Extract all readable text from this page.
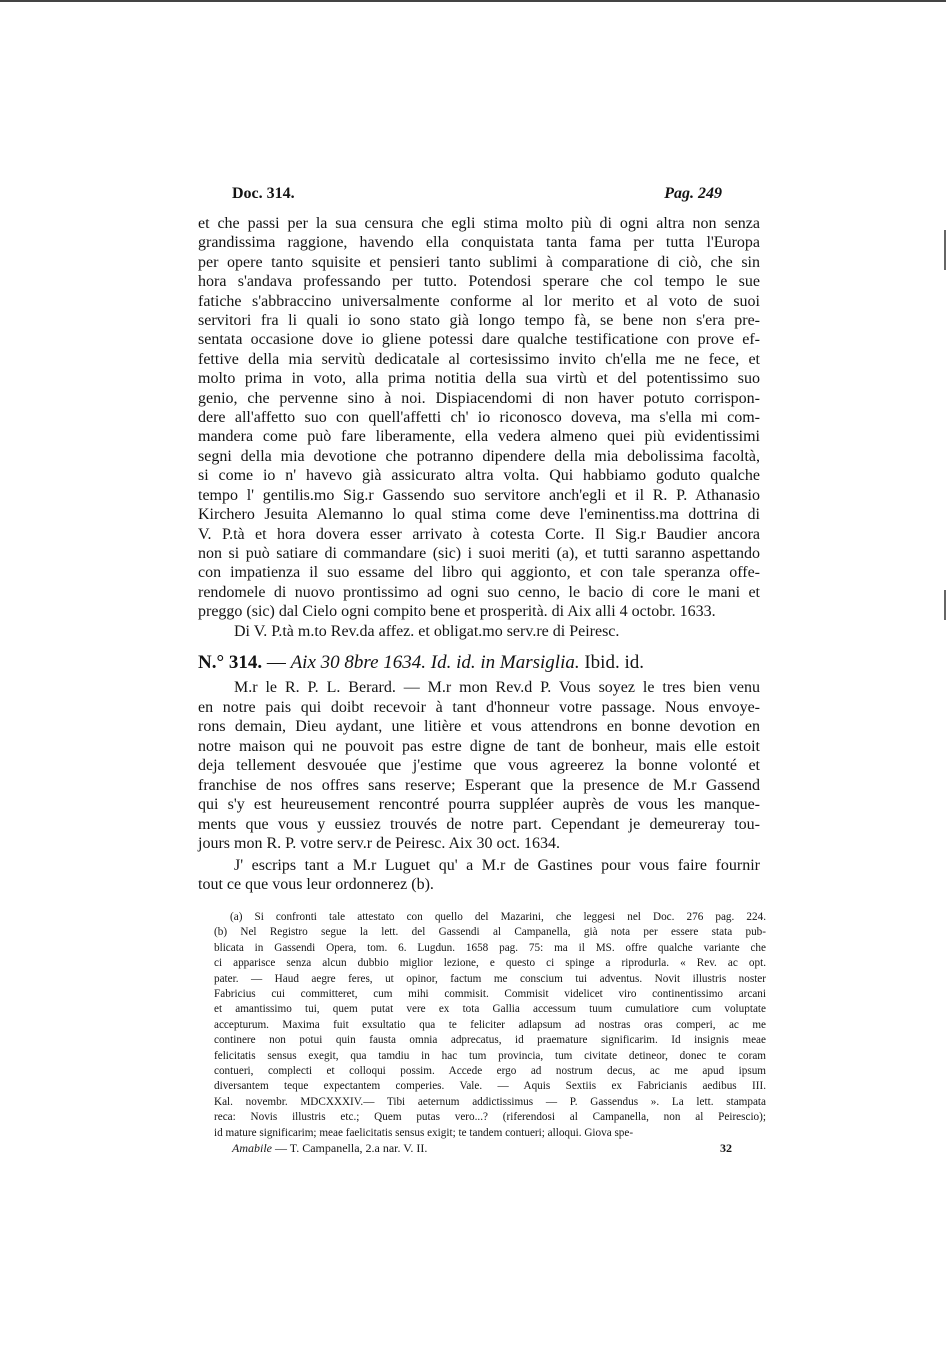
Doc. 314.	Pag. 249

et che passi per la sua censura che egli stima molto più di ogni altra non senza
grandissima raggione, havendo ella conquistata tanta fama per tutta l'Europa
per opere tanto squisite et pensieri tanto sublimi à comparatione di ciò, che sin
hora s'andava professando per tutto. Potendosi sperare che col tempo le sue
fatiche s'abbraccino universalmente conforme al lor merito et al voto de suoi
servitori fra li quali io sono stato già longo tempo fà, se bene non s'era pre-
sentata occasione dove io gliene potessi dare qualche testificatione con prove ef-
fettive della mia servitù dedicatale al cortesissimo invito ch'ella me ne fece, et
molto prima in voto, alla prima notitia della sua virtù et del potentissimo suo
genio, che pervenne sino à noi. Dispiacendomi di non haver potuto corrispon-
dere all'affetto suo con quell'affetti ch' io riconosco doveva, ma s'ella mi com-
mandera come può fare liberamente, ella vedera almeno quei più evidentissimi
segni della mia devotione che potranno dipendere della mia debolissima facoltà,
si come io n' havevo già assicurato altra volta. Qui habbiamo goduto qualche
tempo l' gentilis.mo Sig.r Gassendo suo servitore anch'egli et il R. P. Athanasio
Kirchero Jesuita Alemanno lo qual stima come deve l'eminentiss.ma dottrina di
V. P.tà et hora dovera esser arrivato à cotesta Corte. Il Sig.r Baudier ancora
non si può satiare di commandare (sic) i suoi meriti (a), et tutti saranno aspettando
con impatienza il suo essame del libro qui aggionto, et con tale speranza offe-
rendomele di nuovo prontissimo ad ogni suo cenno, le bacio di core le mani et
preggo (sic) dal Cielo ogni compito bene et prosperità. di Aix alli 4 octobr. 1633.

Di V. P.tà m.to Rev.da affez. et obligat.mo serv.re di Peiresc.

N.° 314. — Aix 30 8bre 1634. Id. id. in Marsiglia. Ibid. id.

M.r le R. P. L. Berard. — M.r mon Rev.d P. Vous soyez le tres bien venu
en notre pais qui doibt recevoir à tant d'honneur votre passage. Nous envoye-
rons demain, Dieu aydant, une litière et vous attendrons en bonne devotion en
notre maison qui ne pouvoit pas estre digne de tant de bonheur, mais elle estoit
deja tellement desvouée que j'estime que vous agreerez la bonne volonté et
franchise de nos offres sans reserve; Esperant que la presence de M.r Gassend
qui s'y est heureusement rencontré pourra suppléer auprès de vous les manque-
ments que vous y eussiez trouvés de notre part. Cependant je demeureray tou-
jours mon R. P. votre serv.r de Peiresc. Aix 30 oct. 1634.

J' escrips tant a M.r Luguet qu' a M.r de Gastines pour vous faire fournir
tout ce que vous leur ordonnerez (b).

(a) Si confronti tale attestato con quello del Mazarini, che leggesi nel Doc. 276 pag. 224.
(b) Nel Registro segue la lett. del Gassendi al Campanella, già nota per essere stata pub-
blicata in Gassendi Opera, tom. 6. Lugdun. 1658 pag. 75: ma il MS. offre qualche variante che
ci apparisce senza alcun dubbio miglior lezione, e questo ci spinge a riprodurla. « Rev. ac opt.
pater. — Haud aegre feres, ut opinor, factum me conscium tui adventus. Novit illustris noster
Fabricius cui committeret, cum mihi commisit. Commisit videlicet viro continentissimo arcani
et amantissimo tui, quem putat vere ex tota Gallia accessum tuum cumulatiore cum voluptate
accepturum. Maxima fuit exsultatio qua te feliciter adlapsum ad nostras oras comperi, ac me
continere non potui quin fausta omnia adprecatus, id praemature significarim. Id insignis meae
felicitatis sensus exegit, qua tamdiu in hac tum provincia, tum civitate detineor, donec te coram
contueri, complecti et colloqui possim. Accede ergo ad nostrum decus, ac me apud ipsum
diversantem teque expectantem comperies. Vale. — Aquis Sextiis ex Fabricianis aedibus III.
Kal. novembr. MDCXXXIV.— Tibi aeternum addictissimus — P. Gassendus ». La lett. stampata
reca: Novis illustris etc.; Quem putas vero...? (riferendosi al Campanella, non al Peirescio);
id mature significarim; meae faelicitatis sensus exigit; te tandem contueri; alloqui. Giova spe-
Amabile — T. Campanella, 2.a nar. V. II.	32
